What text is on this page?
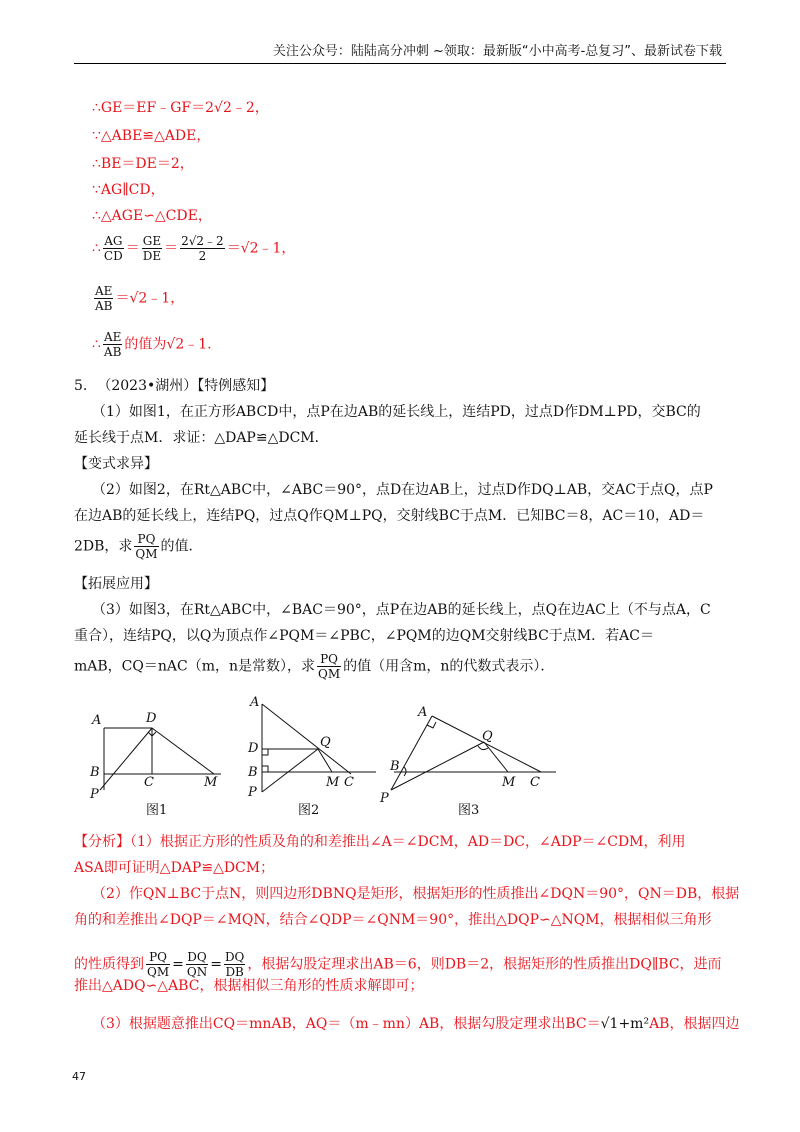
关注公众号：陆陆高分冲刺 ~领取：最新版“小中高考-总复习”、最新试卷下载
∴GE＝EF﹣GF＝2√2﹣2，
∵△ABE≌△ADE，
∴BE＝DE＝2，
∵AG∥CD，
∴△AGE∽△CDE，
∴ $\frac{AG}{CD} = \frac{GE}{DE} = \frac{2√2﹣2}{2}$ ＝√2﹣1，
$\frac{AE}{AB}$ ＝√2﹣1，
∴ $\frac{AE}{AB}$ 的值为√2﹣1.
5. （2023•湖州）【特例感知】
（1）如图1，在正方形ABCD中，点P在边AB的延长线上，连结PD，过点D作DM⊥PD，交BC的
延长线于点M．求证：△DAP≌△DCM．
【变式求异】
（2）如图2，在Rt△ABC中，∠ABC＝90°，点D在边AB上，过点D作DQ⊥AB，交AC于点Q，点P
在边AB的延长线上，连结PQ，过点Q作QM⊥PQ，交射线BC于点M．已知BC＝8，AC＝10，AD＝
2DB，求 $\frac{PQ}{QM}$ 的值．
【拓展应用】
（3）如图3，在Rt△ABC中，∠BAC＝90°，点P在边AB的延长线上，点Q在边AC上（不与点A，C
重合），连结PQ，以Q为顶点作∠PQM＝∠PBC，∠PQM的边QM交射线BC于点M．若AC＝
mAB，CQ＝nAC（m，n是常数），求 $\frac{PQ}{QM}$ 的值（用含m，n的代数式表示）．
A	D
B
C	M
P
图1
A
D	Q
B
M C
P
图2
A
Q
B
M C
P
图3
【分析】（1）根据正方形的性质及角的和差推出∠A＝∠DCM，AD＝DC，∠ADP＝∠CDM，利用
ASA即可证明△DAP≌△DCM；
（2）作QN⊥BC于点N，则四边形DBNQ是矩形，根据矩形的性质推出∠DQN＝90°，QN＝DB，根据
角的和差推出∠DQP＝∠MQN，结合∠QDP＝∠QNM＝90°，推出△DQP∽△NQM，根据相似三角形
的性质得到 $\frac{PQ}{QM} = \frac{DQ}{QN} = \frac{DQ}{DB}$ ，根据勾股定理求出AB＝6，则DB＝2，根据矩形的性质推出DQ∥BC，进而
推出△ADQ∽△ABC，根据相似三角形的性质求解即可；
（3）根据题意推出CQ＝mnAB，AQ＝（m﹣mn）AB，根据勾股定理求出BC＝√1+m²AB，根据四边
47
